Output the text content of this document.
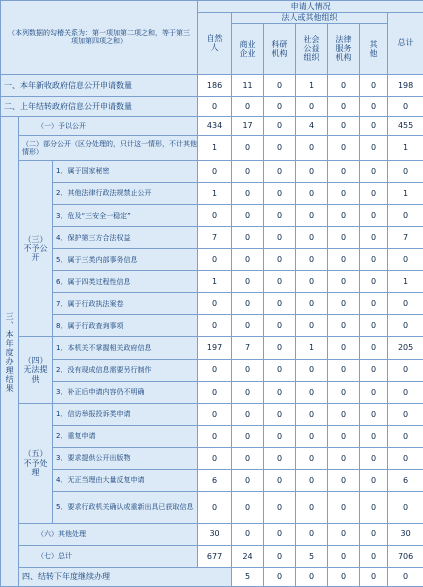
（本列数据的勾稽关系为：第一项加第二项之和，等于第三项加第四项之和）			申请人情况							
			自然人	法人或其他组织					总计	
				商业企业	科研机构	社会公益组织	法律服务机构	其他		
一、本年新收政府信息公开申请数量			186	11	0	1	0	0	198	
二、上年结转政府信息公开申请数量			0	0	0	0	0	0	0	
三、本年度办理结果	（一）予以公开		434	17	0	4	0	0	455	
	（二）部分公开（区分处理的，只计这一情形，不计其他情形）		1	0	0	0	0	0	1	
	（三）不予公开	1．属于国家秘密	0	0	0	0	0	0	0	
		2．其他法律行政法规禁止公开	1	0	0	0	0	0	1	
		3．危及“三安全一稳定”	0	0	0	0	0	0	0	
		4．保护第三方合法权益	7	0	0	0	0	0	7	
		5．属于三类内部事务信息	0	0	0	0	0	0	0	
		6．属于四类过程性信息	1	0	0	0	0	0	1	
		7．属于行政执法案卷	0	0	0	0	0	0	0	
		8．属于行政查询事项	0	0	0	0	0	0	0	
	（四）无法提供	1．本机关不掌握相关政府信息	197	7	0	1	0	0	205	
		2．没有现成信息需要另行制作	0	0	0	0	0	0	0	
		3．补正后申请内容仍不明确	0	0	0	0	0	0	0	
	（五）不予处理	1．信访举报投诉类申请	0	0	0	0	0	0	0	
		2．重复申请	0	0	0	0	0	0	0	
		3．要求提供公开出版物	0	0	0	0	0	0	0	
		4．无正当理由大量反复申请	6	0	0	0	0	0	6	
		5．要求行政机关确认或重新出具已获取信息	0	0	0	0	0	0	0	
	（六）其他处理		30	0	0	0	0	0	30	
	（七）总计		677	24	0	5	0	0	706	
	四、结转下年度继续办理			5	0	0	0	0	0	
